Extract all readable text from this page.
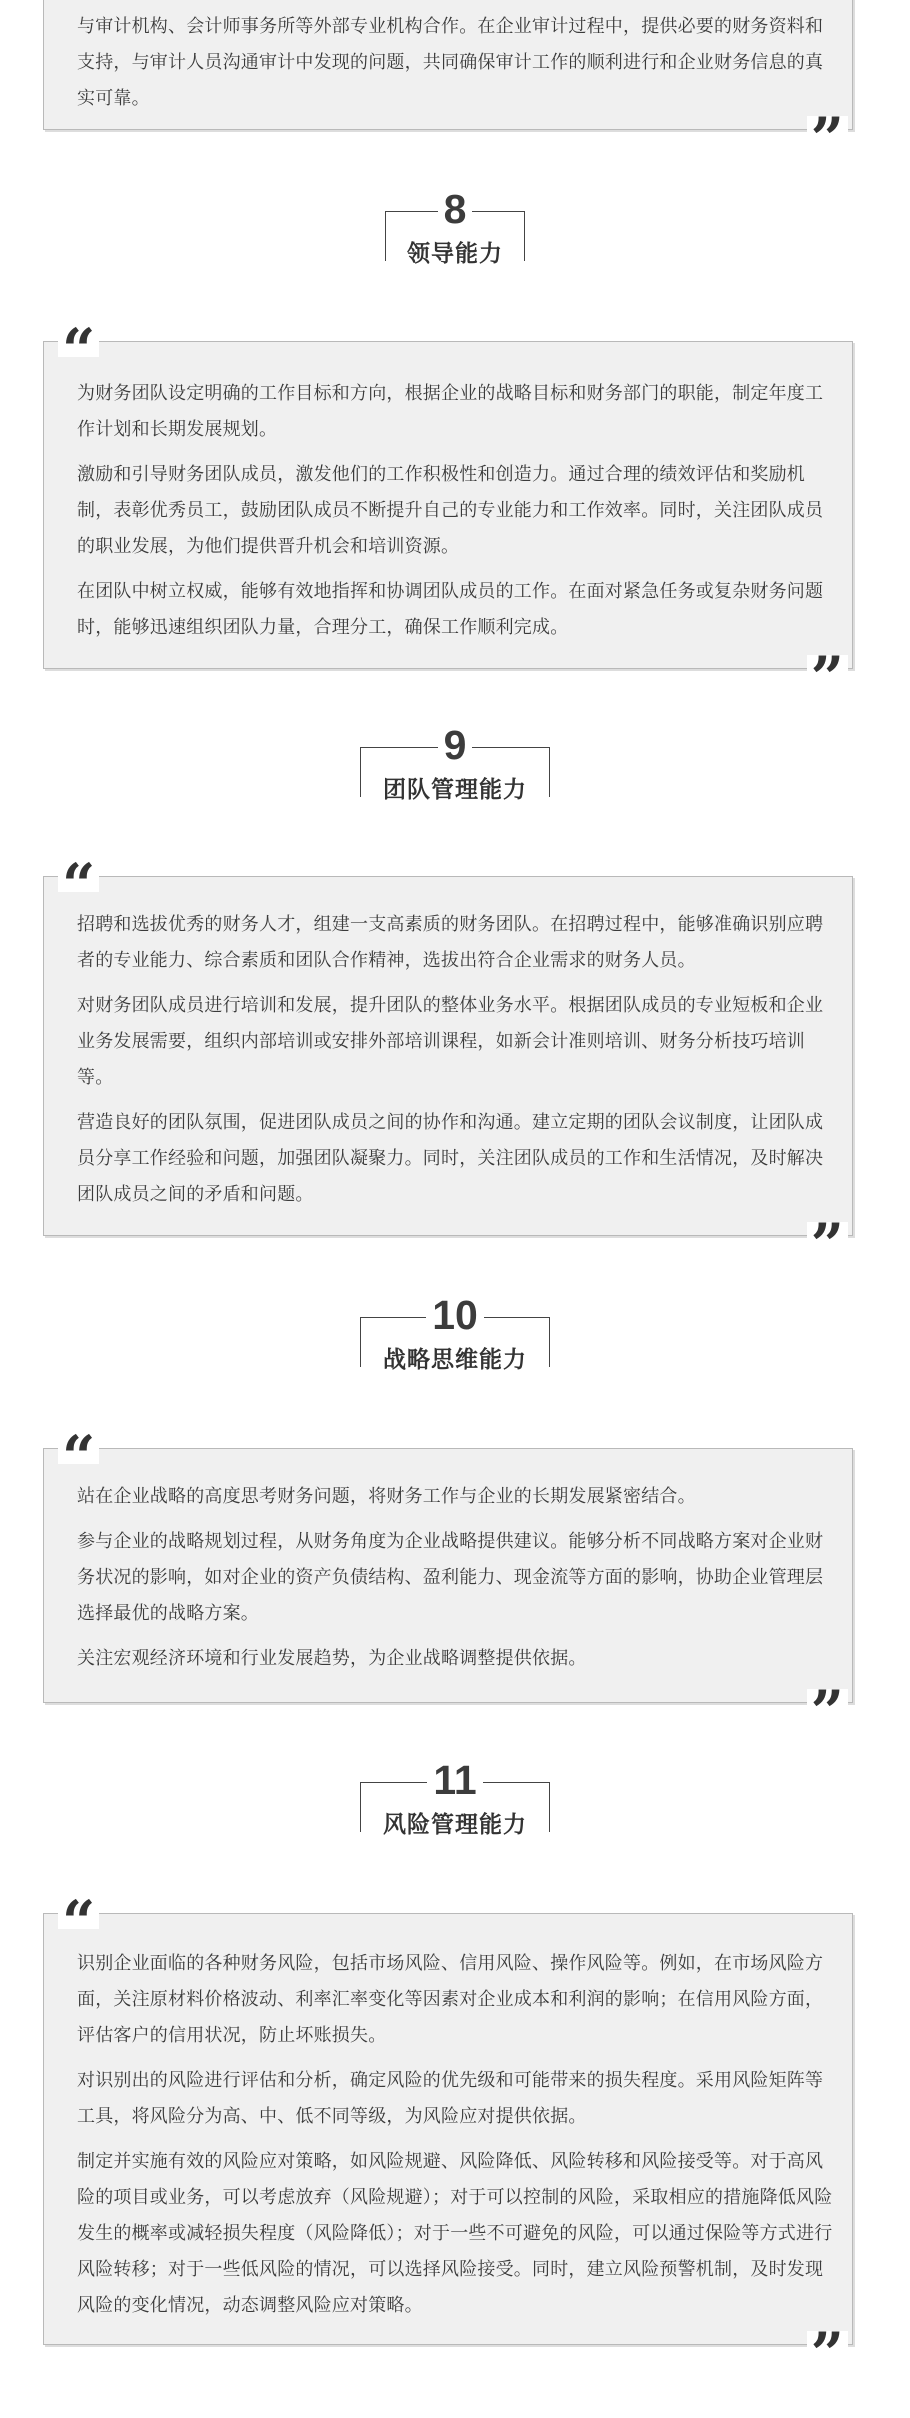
与审计机构、会计师事务所等外部专业机构合作。在企业审计过程中，提供必要的财务资料和支持，与审计人员沟通审计中发现的问题，共同确保审计工作的顺利进行和企业财务信息的真实可靠。

”
8
领导能力
“

为财务团队设定明确的工作目标和方向，根据企业的战略目标和财务部门的职能，制定年度工作计划和长期发展规划。

激励和引导财务团队成员，激发他们的工作积极性和创造力。通过合理的绩效评估和奖励机制，表彰优秀员工，鼓励团队成员不断提升自己的专业能力和工作效率。同时，关注团队成员的职业发展，为他们提供晋升机会和培训资源。

在团队中树立权威，能够有效地指挥和协调团队成员的工作。在面对紧急任务或复杂财务问题时，能够迅速组织团队力量，合理分工，确保工作顺利完成。

”
9
团队管理能力
“

招聘和选拔优秀的财务人才，组建一支高素质的财务团队。在招聘过程中，能够准确识别应聘者的专业能力、综合素质和团队合作精神，选拔出符合企业需求的财务人员。

对财务团队成员进行培训和发展，提升团队的整体业务水平。根据团队成员的专业短板和企业业务发展需要，组织内部培训或安排外部培训课程，如新会计准则培训、财务分析技巧培训等。

营造良好的团队氛围，促进团队成员之间的协作和沟通。建立定期的团队会议制度，让团队成员分享工作经验和问题，加强团队凝聚力。同时，关注团队成员的工作和生活情况，及时解决团队成员之间的矛盾和问题。

”
10
战略思维能力
“

站在企业战略的高度思考财务问题，将财务工作与企业的长期发展紧密结合。

参与企业的战略规划过程，从财务角度为企业战略提供建议。能够分析不同战略方案对企业财务状况的影响，如对企业的资产负债结构、盈利能力、现金流等方面的影响，协助企业管理层选择最优的战略方案。

关注宏观经济环境和行业发展趋势，为企业战略调整提供依据。

”
11
风险管理能力
“

识别企业面临的各种财务风险，包括市场风险、信用风险、操作风险等。例如，在市场风险方面，关注原材料价格波动、利率汇率变化等因素对企业成本和利润的影响；在信用风险方面，评估客户的信用状况，防止坏账损失。

对识别出的风险进行评估和分析，确定风险的优先级和可能带来的损失程度。采用风险矩阵等工具，将风险分为高、中、低不同等级，为风险应对提供依据。

制定并实施有效的风险应对策略，如风险规避、风险降低、风险转移和风险接受等。对于高风险的项目或业务，可以考虑放弃（风险规避）；对于可以控制的风险，采取相应的措施降低风险发生的概率或减轻损失程度（风险降低）；对于一些不可避免的风险，可以通过保险等方式进行风险转移；对于一些低风险的情况，可以选择风险接受。同时，建立风险预警机制，及时发现风险的变化情况，动态调整风险应对策略。

”
